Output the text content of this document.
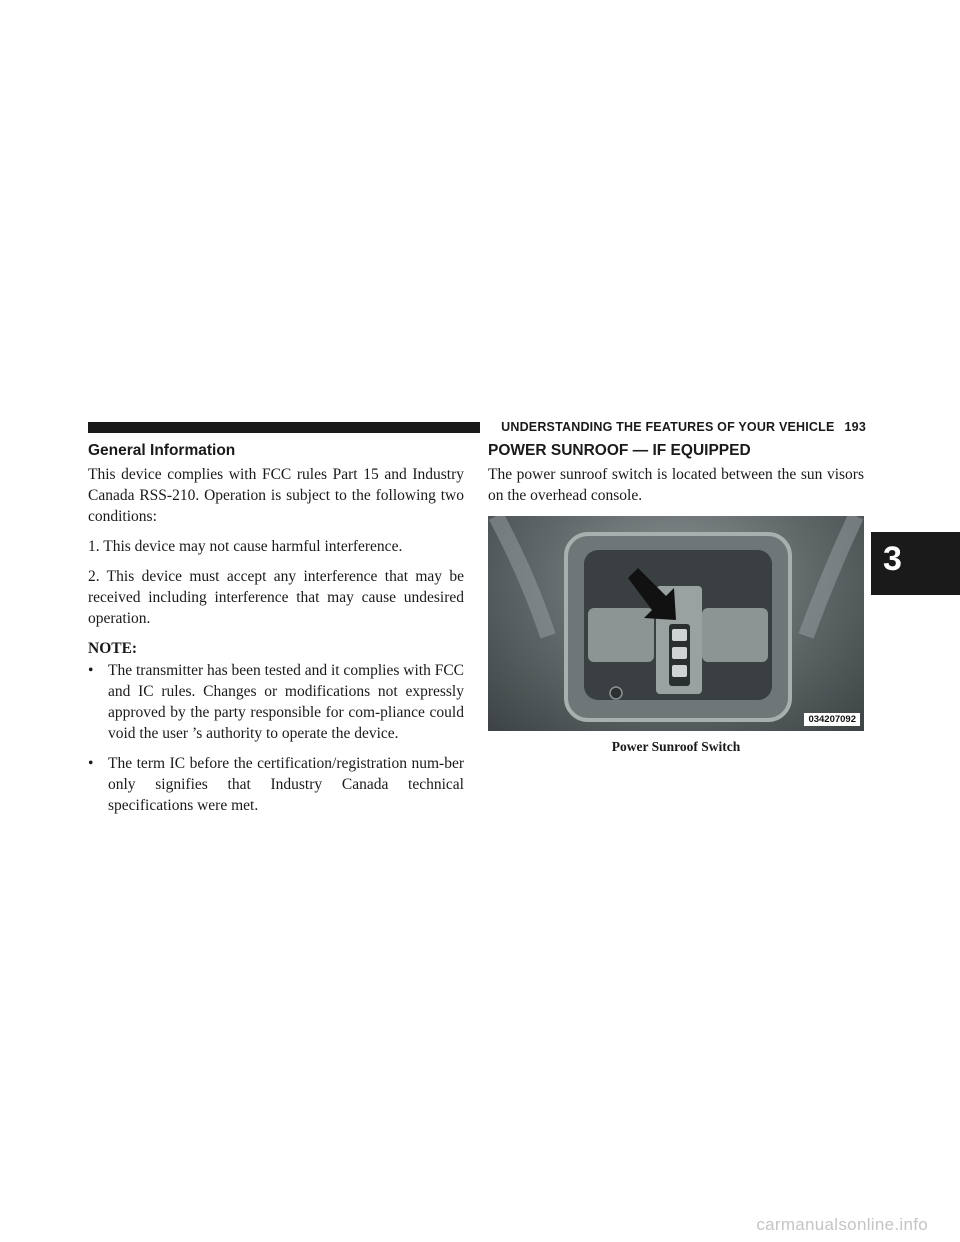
UNDERSTANDING THE FEATURES OF YOUR VEHICLE 193
General Information

This device complies with FCC rules Part 15 and Industry Canada RSS-210. Operation is subject to the following two conditions:

1. This device may not cause harmful interference.

2. This device must accept any interference that may be received including interference that may cause undesired operation.

NOTE:

• The transmitter has been tested and it complies with FCC and IC rules. Changes or modifications not expressly approved by the party responsible for com-pliance could void the user ’s authority to operate the device.
• The term IC before the certification/registration num-ber only signifies that Industry Canada technical specifications were met.
POWER SUNROOF — IF EQUIPPED

The power sunroof switch is located between the sun visors on the overhead console.

034207092
Power Sunroof Switch
3
carmanualsonline.info
